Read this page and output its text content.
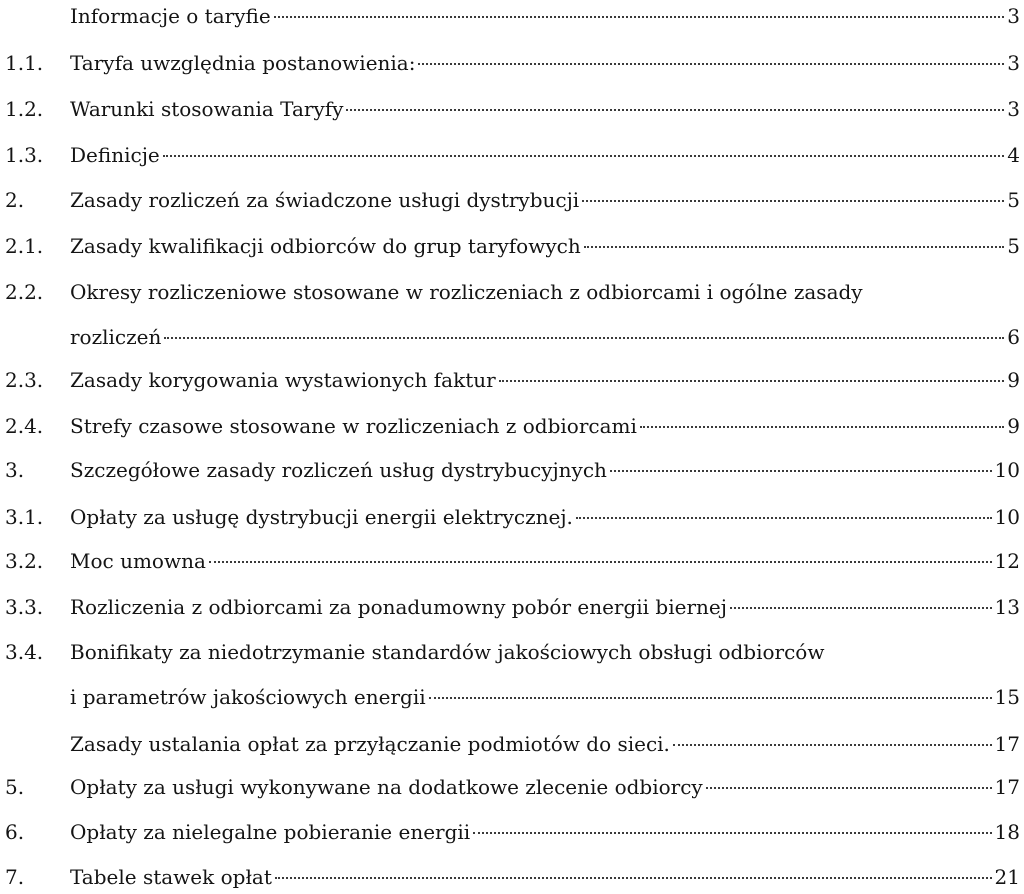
Informacje o taryfie	3
1.1. Taryfa uwzględnia postanowienia:	3
1.2. Warunki stosowania Taryfy	3
1.3. Definicje	4
2. Zasady rozliczeń za świadczone usługi dystrybucji	5
2.1. Zasady kwalifikacji odbiorców do grup taryfowych	5
2.2. Okresy rozliczeniowe stosowane w rozliczeniach z odbiorcami i ogólne zasady
rozliczeń	6
2.3. Zasady korygowania wystawionych faktur	9
2.4. Strefy czasowe stosowane w rozliczeniach z odbiorcami	9
3. Szczegółowe zasady rozliczeń usług dystrybucyjnych	10
3.1. Opłaty za usługę dystrybucji energii elektrycznej.	10
3.2. Moc umowna	12
3.3. Rozliczenia z odbiorcami za ponadumowny pobór energii biernej	13
3.4. Bonifikaty za niedotrzymanie standardów jakościowych obsługi odbiorców
i parametrów jakościowych energii	15
Zasady ustalania opłat za przyłączanie podmiotów do sieci.	17
5. Opłaty za usługi wykonywane na dodatkowe zlecenie odbiorcy	17
6. Opłaty za nielegalne pobieranie energii	18
7. Tabele stawek opłat	21
